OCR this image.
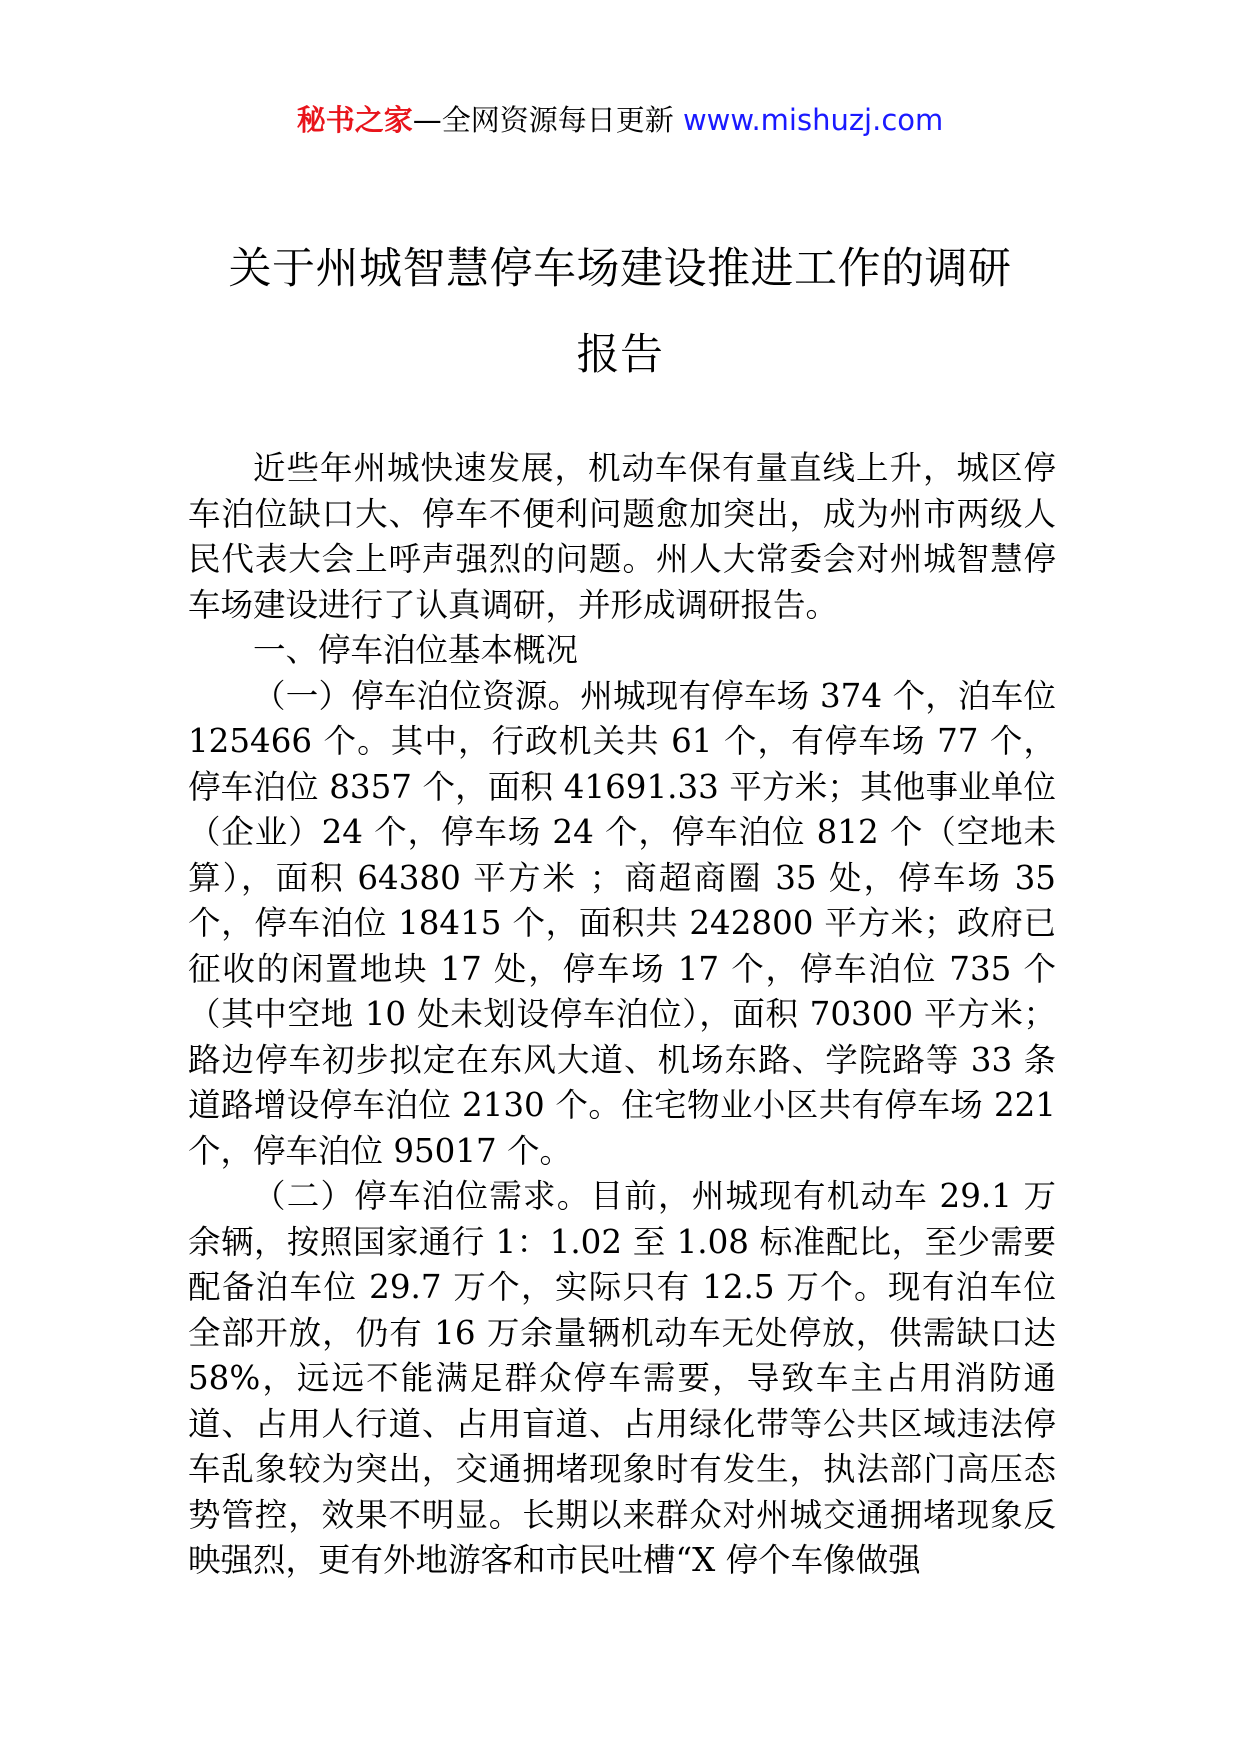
秘书之家—全网资源每日更新 www.mishuzj.com
关于州城智慧停车场建设推进工作的调研
报告

近些年州城快速发展，机动车保有量直线上升，城区停车泊位缺口大、停车不便利问题愈加突出，成为州市两级人民代表大会上呼声强烈的问题。州人大常委会对州城智慧停车场建设进行了认真调研，并形成调研报告。

一、停车泊位基本概况

（一）停车泊位资源。州城现有停车场 374 个，泊车位 125466 个。其中，行政机关共 61 个，有停车场 77 个，停车泊位 8357 个，面积 41691.33 平方米；其他事业单位（企业）24 个，停车场 24 个，停车泊位 812 个（空地未算），面积 64380 平方米 ；商超商圈 35 处，停车场 35 个，停车泊位 18415 个，面积共 242800 平方米；政府已征收的闲置地块 17 处，停车场 17 个，停车泊位 735 个（其中空地 10 处未划设停车泊位），面积 70300 平方米；路边停车初步拟定在东风大道、机场东路、学院路等 33 条道路增设停车泊位 2130 个。住宅物业小区共有停车场 221 个，停车泊位 95017 个。

（二）停车泊位需求。目前，州城现有机动车 29.1 万余辆，按照国家通行 1：1.02 至 1.08 标准配比，至少需要配备泊车位 29.7 万个，实际只有 12.5 万个。现有泊车位全部开放，仍有 16 万余量辆机动车无处停放，供需缺口达 58%，远远不能满足群众停车需要，导致车主占用消防通道、占用人行道、占用盲道、占用绿化带等公共区域违法停车乱象较为突出，交通拥堵现象时有发生，执法部门高压态势管控，效果不明显。长期以来群众对州城交通拥堵现象反映强烈，更有外地游客和市民吐槽“X 停个车像做强
